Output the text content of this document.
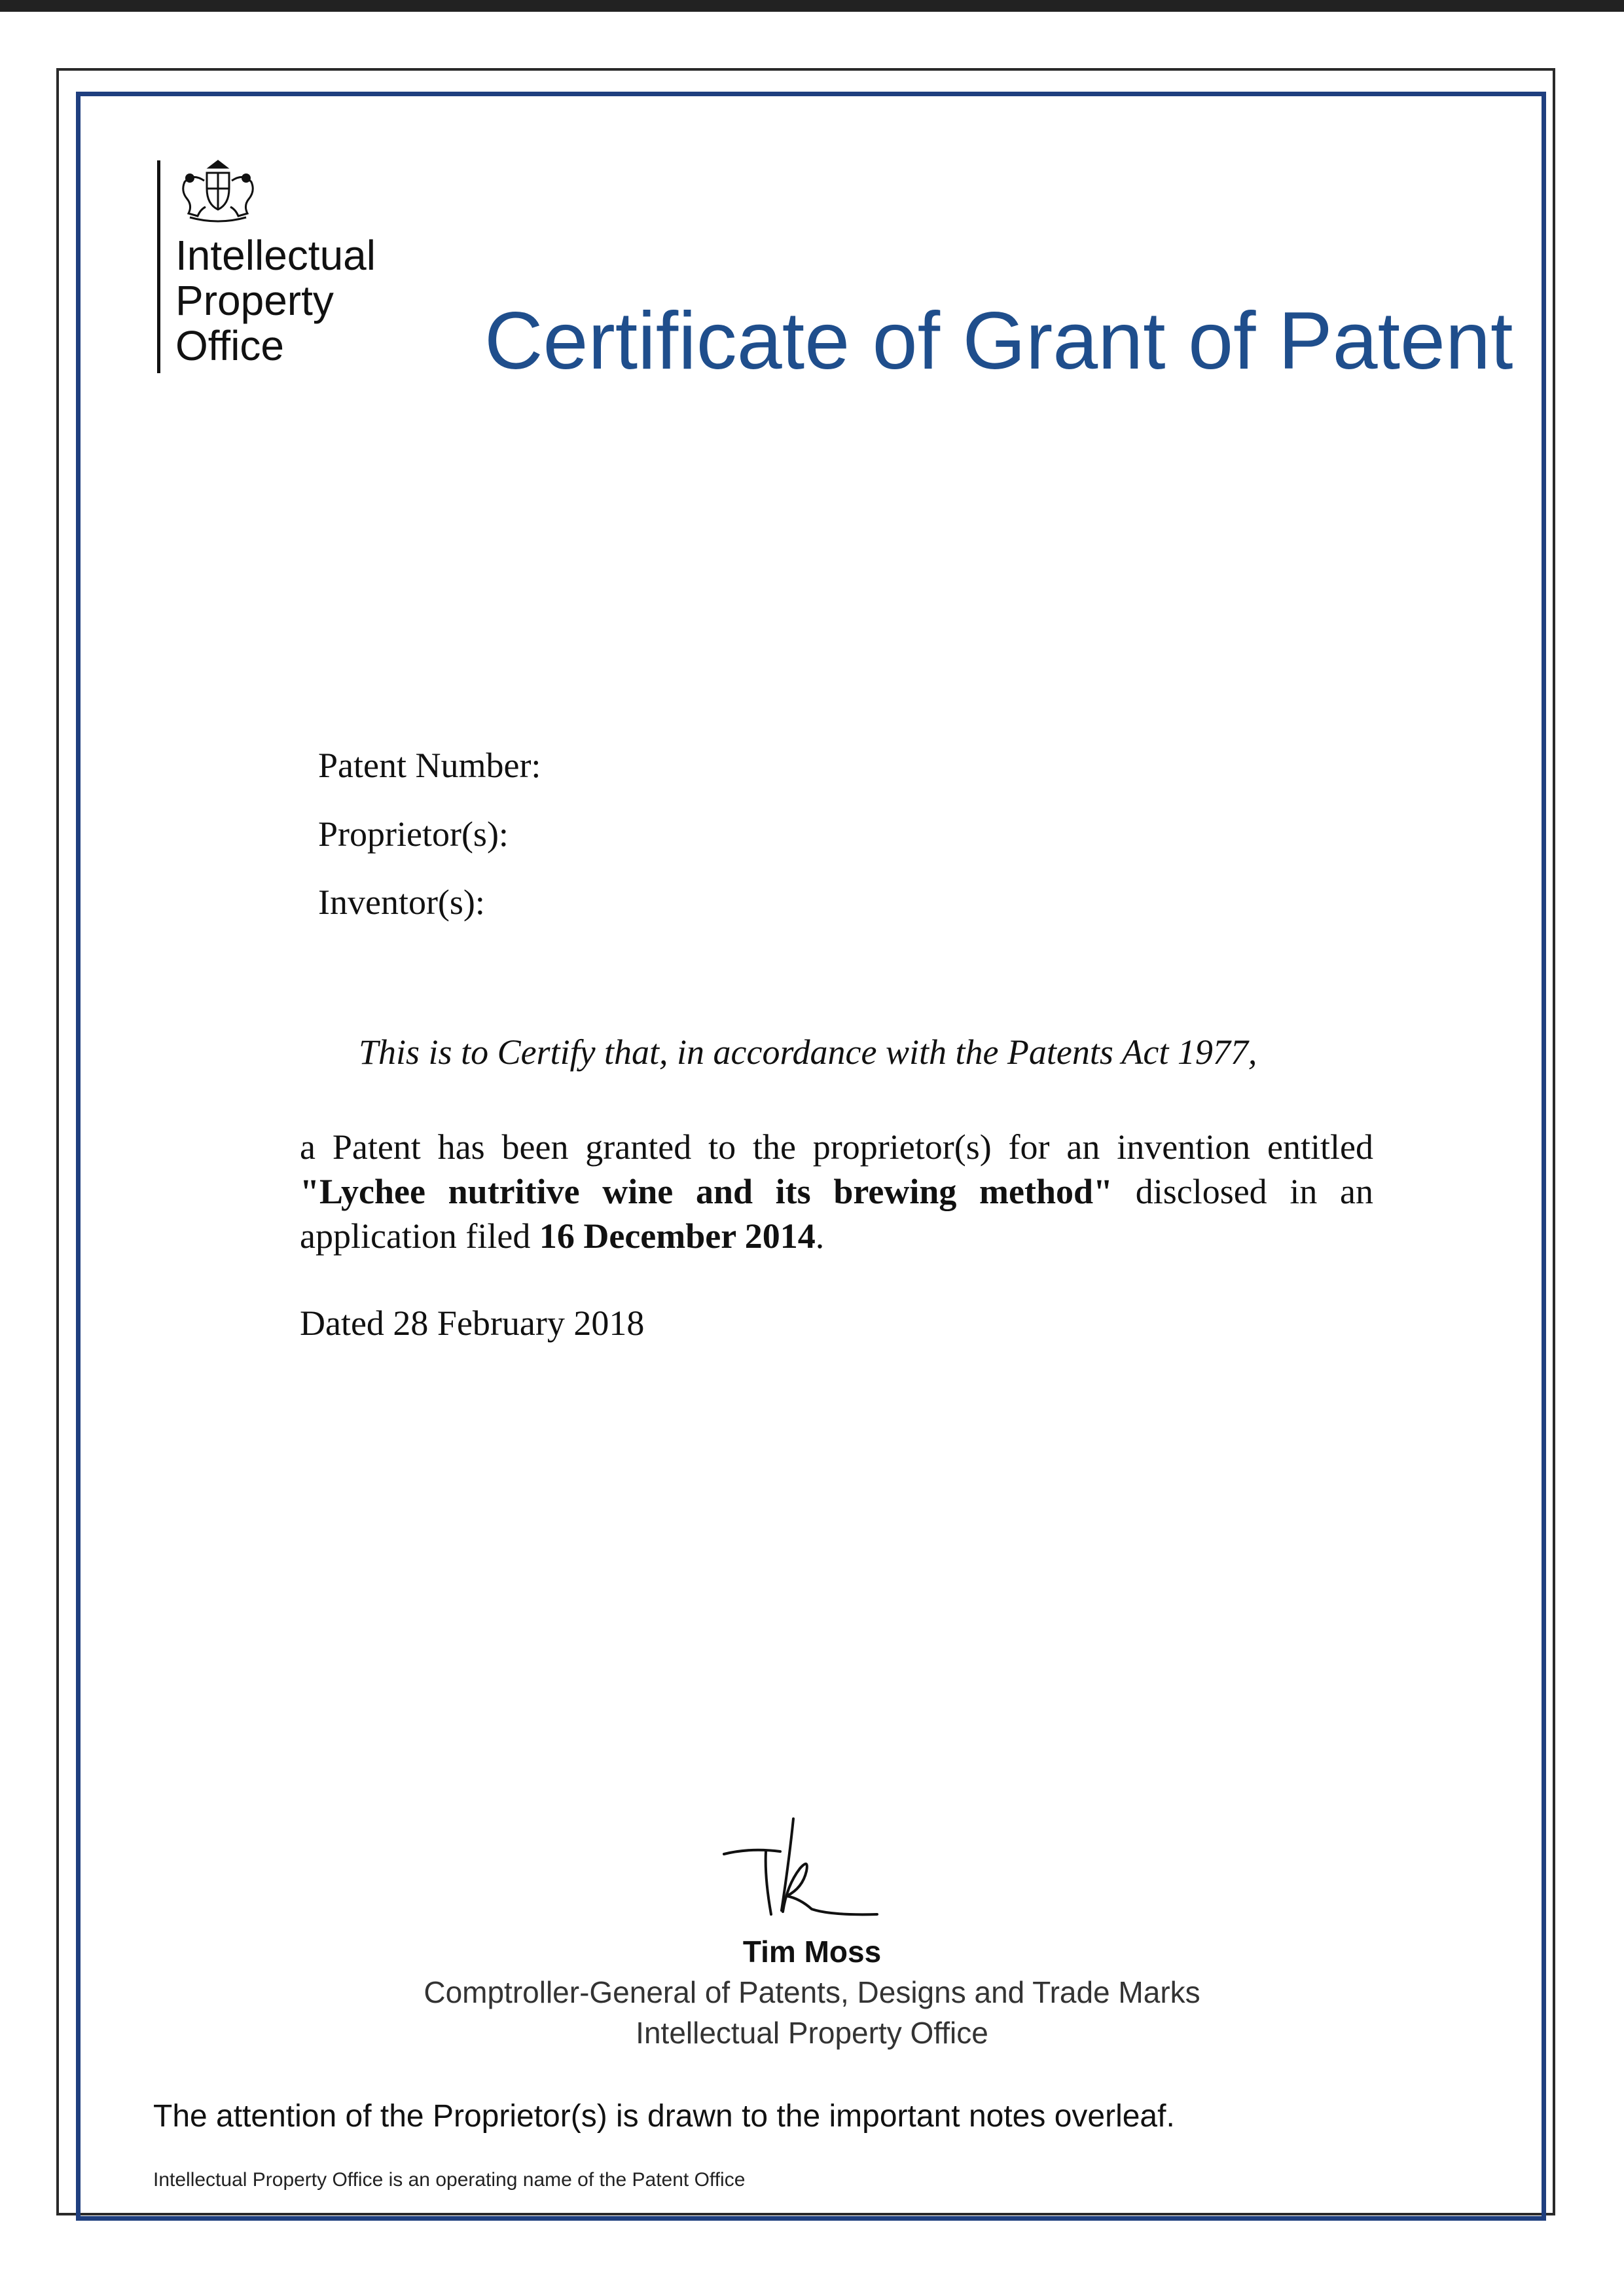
Intellectual
Property
Office	Certificate of Grant of Patent
Patent Number:
Proprietor(s):
Inventor(s):
This is to Certify that, in accordance with the Patents Act 1977,
a Patent has been granted to the proprietor(s) for an invention entitled "Lychee nutritive wine and its brewing method" disclosed in an application filed 16 December 2014.
Dated 28 February 2018
Tim Moss
Comptroller-General of Patents, Designs and Trade Marks
Intellectual Property Office
The attention of the Proprietor(s) is drawn to the important notes overleaf.
Intellectual Property Office is an operating name of the Patent Office
